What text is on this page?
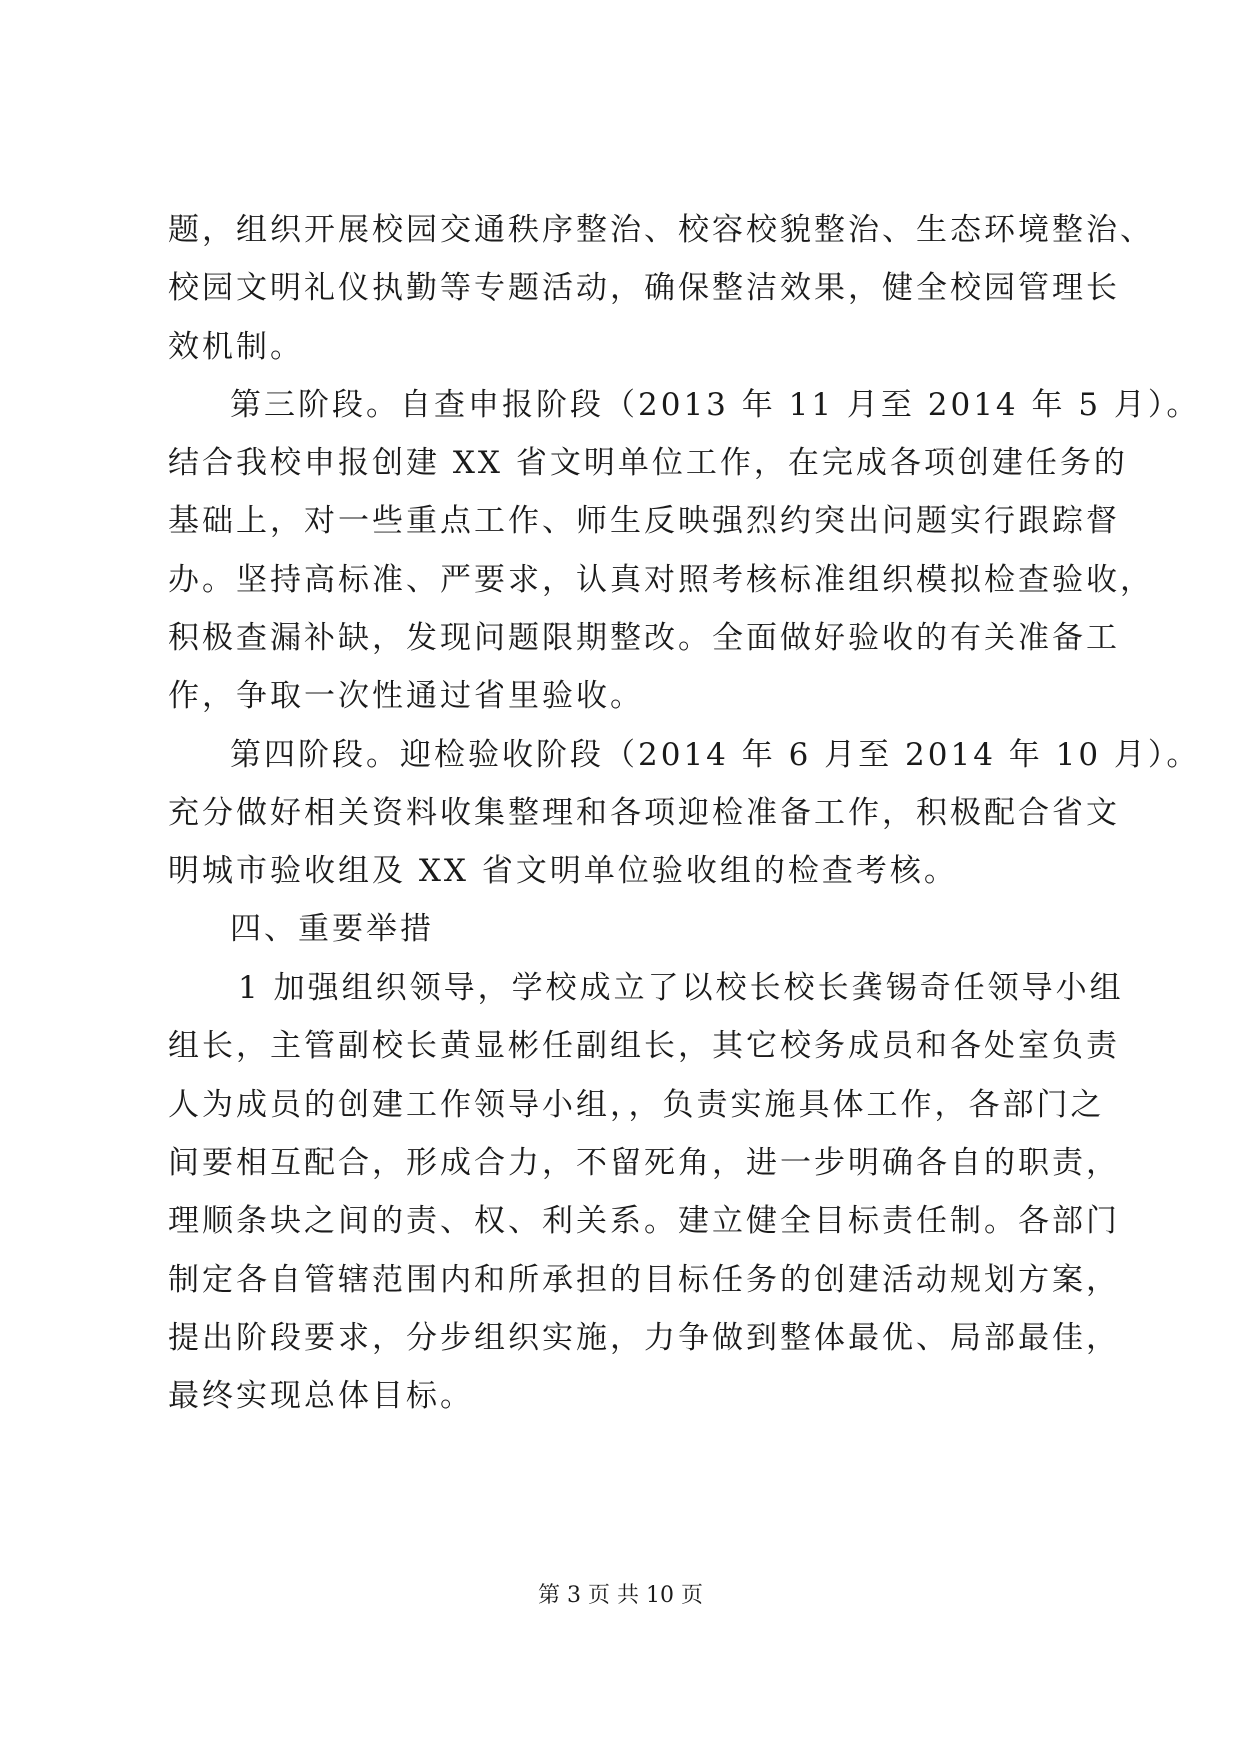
题，组织开展校园交通秩序整治、校容校貌整治、生态环境整治、
校园文明礼仪执勤等专题活动，确保整洁效果，健全校园管理长
效机制。
第三阶段。自查申报阶段（2013 年 11 月至 2014 年 5 月）。
结合我校申报创建 XX 省文明单位工作，在完成各项创建任务的
基础上，对一些重点工作、师生反映强烈约突出问题实行跟踪督
办。坚持高标准、严要求，认真对照考核标准组织模拟检查验收，
积极查漏补缺，发现问题限期整改。全面做好验收的有关准备工
作，争取一次性通过省里验收。
第四阶段。迎检验收阶段（2014 年 6 月至 2014 年 10 月）。
充分做好相关资料收集整理和各项迎检准备工作，积极配合省文
明城市验收组及 XX 省文明单位验收组的检查考核。
四、重要举措
1 加强组织领导，学校成立了以校长校长龚锡奇任领导小组
组长，主管副校长黄显彬任副组长，其它校务成员和各处室负责
人为成员的创建工作领导小组，，负责实施具体工作，各部门之
间要相互配合，形成合力，不留死角，进一步明确各自的职责，
理顺条块之间的责、权、利关系。建立健全目标责任制。各部门
制定各自管辖范围内和所承担的目标任务的创建活动规划方案，
提出阶段要求，分步组织实施，力争做到整体最优、局部最佳，
最终实现总体目标。
第 3 页 共 10 页
